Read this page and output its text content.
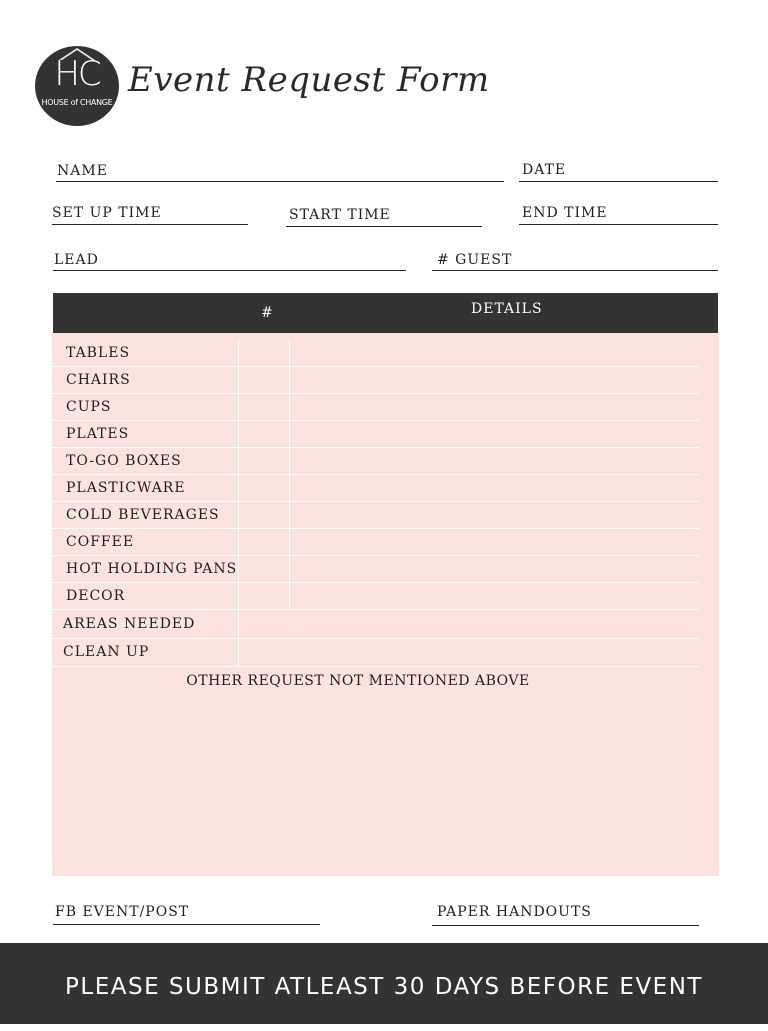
HC
HOUSE of CHANGE
Event Request Form
NAME	DATE
SET UP TIME	START TIME	END TIME
LEAD	# GUEST
#	DETAILS
TABLES
CHAIRS
CUPS
PLATES
TO-GO BOXES
PLASTICWARE
COLD BEVERAGES
COFFEE
HOT HOLDING PANS
DECOR
AREAS NEEDED
CLEAN UP
OTHER REQUEST NOT MENTIONED ABOVE
FB EVENT/POST	PAPER HANDOUTS
PLEASE SUBMIT ATLEAST 30 DAYS BEFORE EVENT
